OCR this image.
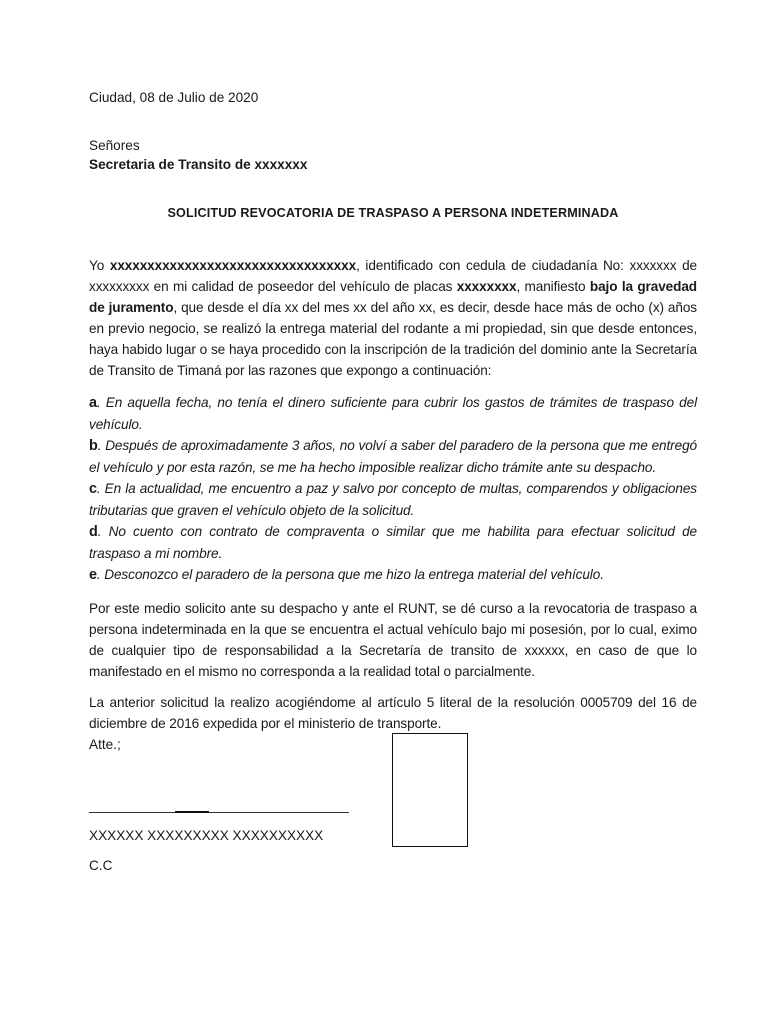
Ciudad, 08 de Julio de 2020
Señores
Secretaria de Transito de xxxxxxx
SOLICITUD REVOCATORIA DE TRASPASO A PERSONA INDETERMINADA

Yo xxxxxxxxxxxxxxxxxxxxxxxxxxxxxxxxx, identificado con cedula de ciudadanía No: xxxxxxx de xxxxxxxxx en mi calidad de poseedor del vehículo de placas xxxxxxxx, manifiesto bajo la gravedad de juramento, que desde el día xx del mes xx del año xx, es decir, desde hace más de ocho (x) años en previo negocio, se realizó la entrega material del rodante a mi propiedad, sin que desde entonces, haya habido lugar o se haya procedido con la inscripción de la tradición del dominio ante la Secretaría de Transito de Timaná por las razones que expongo a continuación:

a. En aquella fecha, no tenía el dinero suficiente para cubrir los gastos de trámites de traspaso del vehículo.
b. Después de aproximadamente 3 años, no volví a saber del paradero de la persona que me entregó el vehículo y por esta razón, se me ha hecho imposible realizar dicho trámite ante su despacho.
c. En la actualidad, me encuentro a paz y salvo por concepto de multas, comparendos y obligaciones tributarias que graven el vehículo objeto de la solicitud.
d. No cuento con contrato de compraventa o similar que me habilita para efectuar solicitud de traspaso a mi nombre.
e. Desconozco el paradero de la persona que me hizo la entrega material del vehículo.

Por este medio solicito ante su despacho y ante el RUNT, se dé curso a la revocatoria de traspaso a persona indeterminada en la que se encuentra el actual vehículo bajo mi posesión, por lo cual, eximo de cualquier tipo de responsabilidad a la Secretaría de transito de xxxxxx, en caso de que lo manifestado en el mismo no corresponda a la realidad total o parcialmente.

La anterior solicitud la realizo acogiéndome al artículo 5 literal de la resolución 0005709 del 16 de diciembre de 2016 expedida por el ministerio de transporte.

Atte.;
XXXXXX XXXXXXXXX XXXXXXXXXX
C.C
